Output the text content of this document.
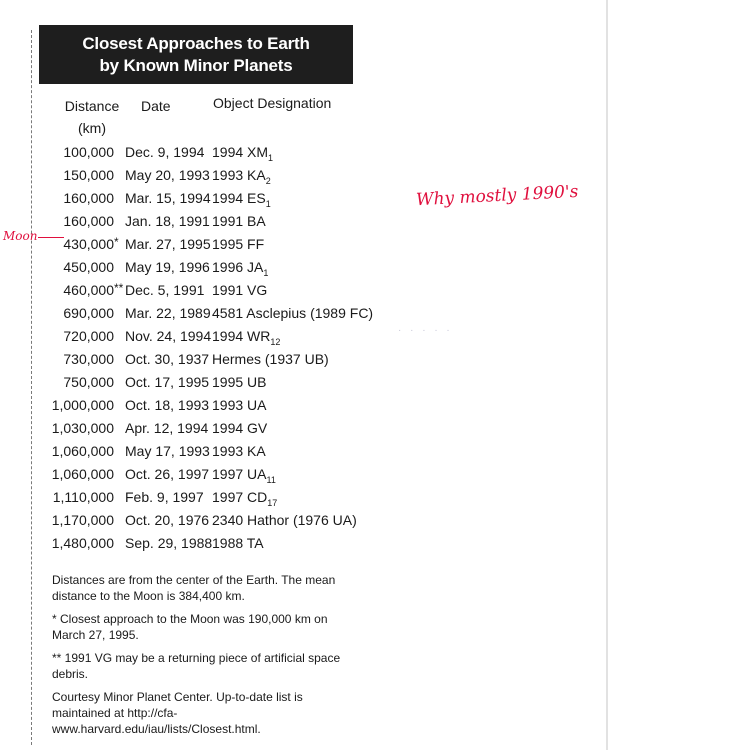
Closest Approaches to Earth
by Known Minor Planets
Distance
(km)
Date	Object Designation
100,000 Dec. 9, 1994 1994 $XM_1$
150,000 May 20, 1993 1993 $KA_2$
160,000 Mar. 15, 1994 1994 $ES_1$
160,000 Jan. 18, 1991 1991 BA
430,000 * Mar. 27, 1995 1995 FF
450,000 May 19, 1996 1996 $JA_1$
460,000 ** Dec. 5, 1991 1991 VG
690,000 Mar. 22, 1989 4581 Asclepius (1989 FC)
720,000 Nov. 24, 1994 1994 $WR_{12}$
730,000 Oct. 30, 1937 Hermes (1937 UB)
750,000 Oct. 17, 1995 1995 UB
1,000,000 Oct. 18, 1993 1993 UA
1,030,000 Apr. 12, 1994 1994 GV
1,060,000 May 17, 1993 1993 KA
1,060,000 Oct. 26, 1997 1997 $UA_{11}$
1,110,000 Feb. 9, 1997 1997 $CD_{17}$
1,170,000 Oct. 20, 1976 2340 Hathor (1976 UA)
1,480,000 Sep. 29, 1988 1988 TA

Distances are from the center of the Earth. The mean distance to the Moon is 384,400 km.

* Closest approach to the Moon was 190,000 km on March 27, 1995.

** 1991 VG may be a returning piece of artificial space debris.

Courtesy Minor Planet Center. Up-to-date list is maintained at http://cfa-www.harvard.edu/iau/lists/Closest.html.

Moon
Why mostly 1990's
· · · · ·
